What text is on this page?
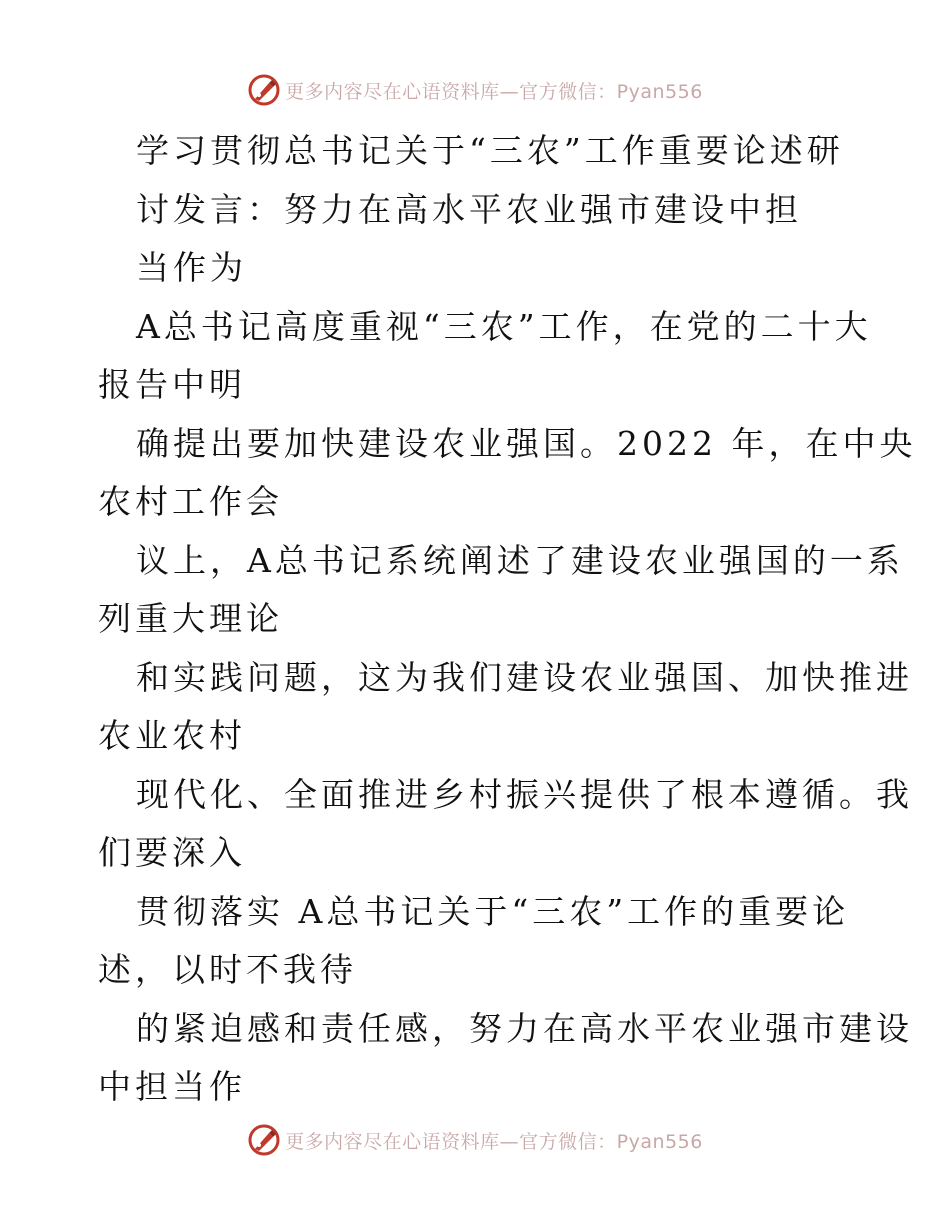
更多内容尽在心语资料库—官方微信：Pyan556
学习贯彻总书记关于“三农”工作重要论述研
讨发言：努力在高水平农业强市建设中担
当作为
A总书记高度重视“三农”工作，在党的二十大
报告中明
确提出要加快建设农业强国。2022 年，在中央
农村工作会
议上，A总书记系统阐述了建设农业强国的一系
列重大理论
和实践问题，这为我们建设农业强国、加快推进
农业农村
现代化、全面推进乡村振兴提供了根本遵循。我
们要深入
贯彻落实 A总书记关于“三农”工作的重要论
述，以时不我待
的紧迫感和责任感，努力在高水平农业强市建设
中担当作
更多内容尽在心语资料库—官方微信：Pyan556
